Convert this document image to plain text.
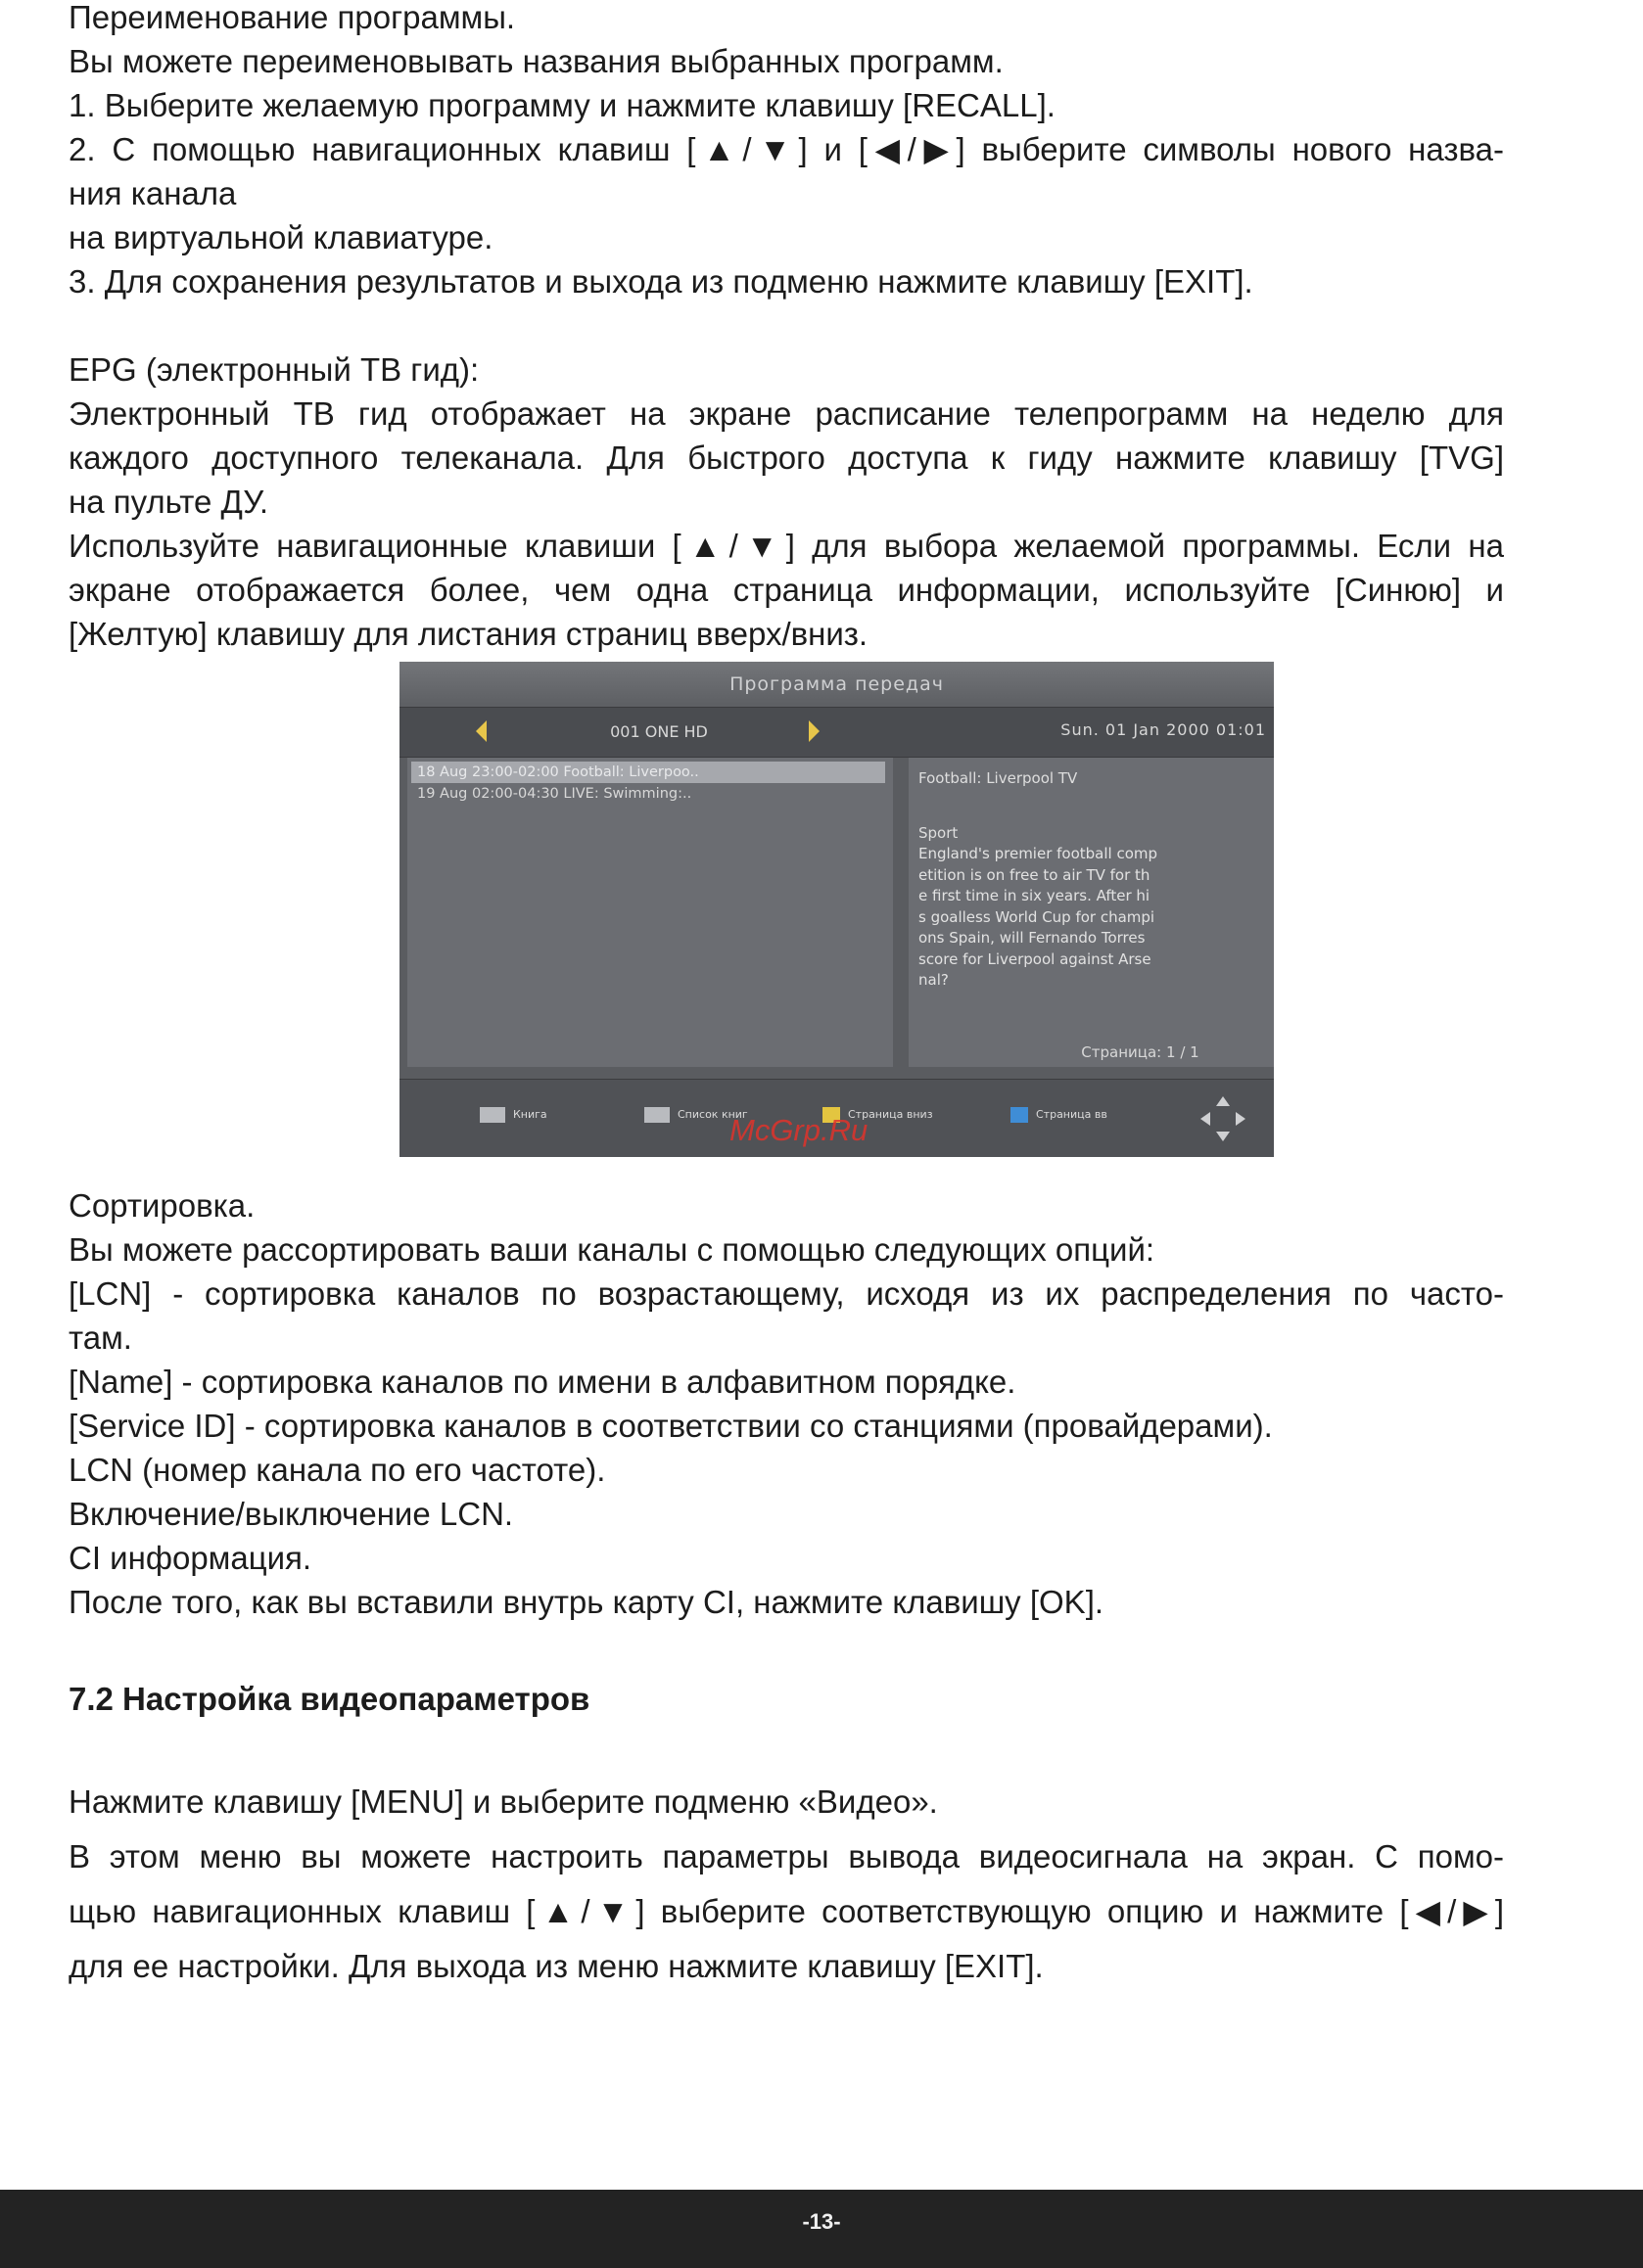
Переименование программы.

Вы можете переименовывать названия выбранных программ.

1. Выберите желаемую программу и нажмите клавишу [RECALL].

2. С помощью навигационных клавиш [▲/▼] и [◀/▶] выберите символы нового назва-

ния канала

на виртуальной клавиатуре.

3. Для сохранения результатов и выхода из подменю нажмите клавишу [EXIT].

EPG (электронный ТВ гид):

Электронный ТВ гид отображает на экране расписание телепрограмм на неделю для

каждого доступного телеканала. Для быстрого доступа к гиду нажмите клавишу [TVG]

на пульте ДУ.

Используйте навигационные клавиши [▲/▼] для выбора желаемой программы. Если на

экране отображается более, чем одна страница информации, используйте [Синюю] и

[Желтую] клавишу для листания страниц вверх/вниз.

Программа передач
001 ONE HD	Sun. 01 Jan 2000 01:01
18 Aug 23:00-02:00 Football: Liverpoo..
19 Aug 02:00-04:30 LIVE: Swimming:..
Football: Liverpool TV
Sport
England's premier football comp
etition is on free to air TV for th
e first time in six years. After hi
s goalless World Cup for champi
ons Spain, will Fernando Torres
score for Liverpool against Arse
nal?
Страница: 1 / 1
Книга	Список книг	Страница вниз	Страница вв
McGrp.Ru

Сортировка.

Вы можете рассортировать ваши каналы с помощью следующих опций:

[LCN] - сортировка каналов по возрастающему, исходя из их распределения по часто-

там.

[Name] - сортировка каналов по имени в алфавитном порядке.

[Service ID] - сортировка каналов в соответствии со станциями (провайдерами).

LCN (номер канала по его частоте).

Включение/выключение LCN.

CI информация.

После того, как вы вставили внутрь карту CI, нажмите клавишу [OK].

7.2 Настройка видеопараметров

Нажмите клавишу [MENU] и выберите подменю «Видео».

В этом меню вы можете настроить параметры вывода видеосигнала на экран. С помо-

щью навигационных клавиш [▲/▼] выберите соответствующую опцию и нажмите [◀/▶]

для ее настройки. Для выхода из меню нажмите клавишу [EXIT].

-13-
